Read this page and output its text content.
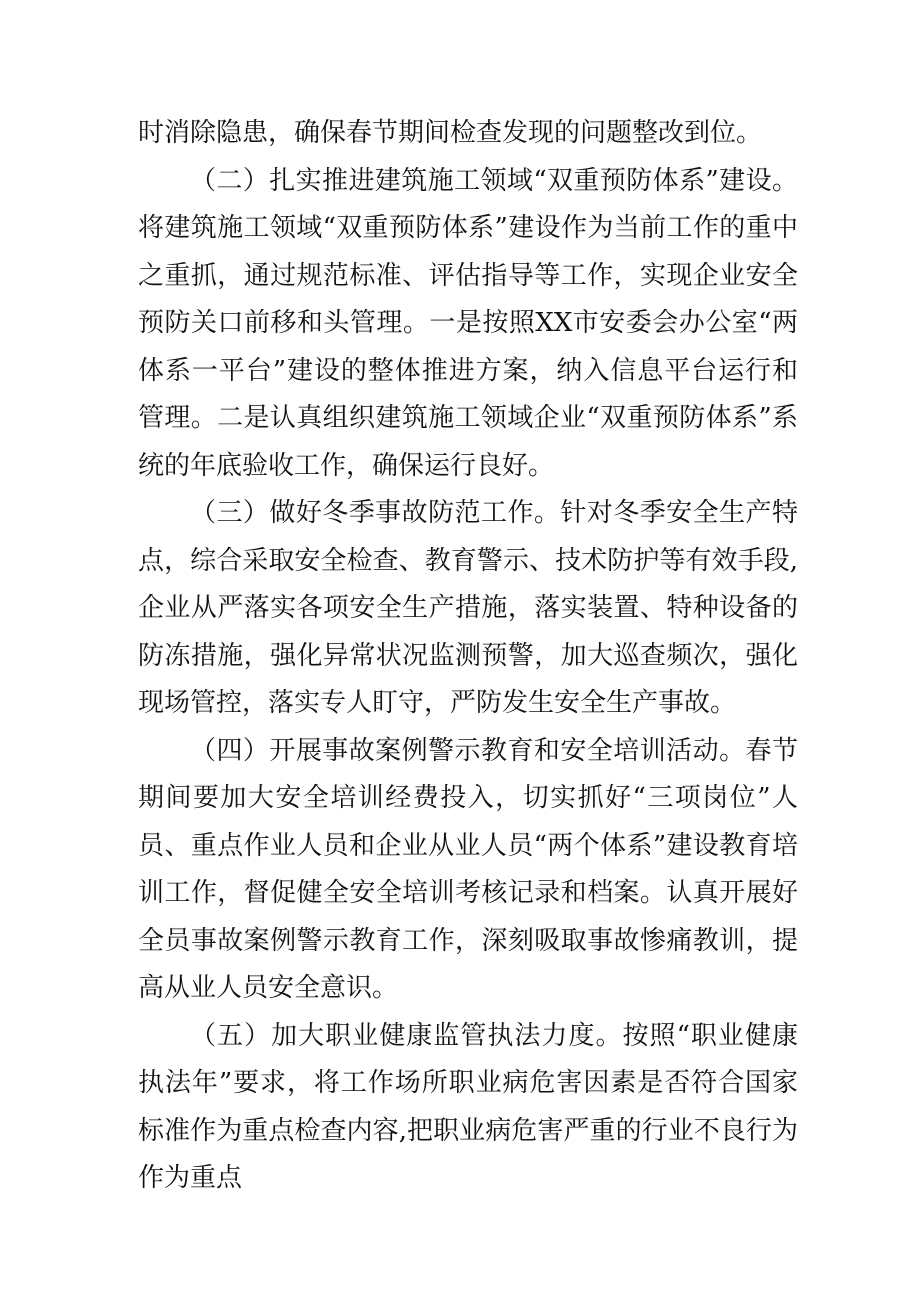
时消除隐患，确保春节期间检查发现的问题整改到位。

（二）扎实推进建筑施工领域“双重预防体系”建设。将建筑施工领域“双重预防体系”建设作为当前工作的重中之重抓，通过规范标准、评估指导等工作，实现企业安全预防关口前移和头管理。一是按照XX市安委会办公室“两体系一平台”建设的整体推进方案，纳入信息平台运行和管理。二是认真组织建筑施工领域企业“双重预防体系”系统的年底验收工作，确保运行良好。

（三）做好冬季事故防范工作。针对冬季安全生产特点，综合采取安全检查、教育警示、技术防护等有效手段,企业从严落实各项安全生产措施，落实装置、特种设备的防冻措施，强化异常状况监测预警，加大巡查频次，强化现场管控，落实专人盯守，严防发生安全生产事故。

（四）开展事故案例警示教育和安全培训活动。春节期间要加大安全培训经费投入，切实抓好“三项岗位”人员、重点作业人员和企业从业人员“两个体系”建设教育培训工作，督促健全安全培训考核记录和档案。认真开展好全员事故案例警示教育工作，深刻吸取事故惨痛教训，提高从业人员安全意识。

（五）加大职业健康监管执法力度。按照“职业健康执法年”要求，将工作场所职业病危害因素是否符合国家标准作为重点检查内容,把职业病危害严重的行业不良行为作为重点
